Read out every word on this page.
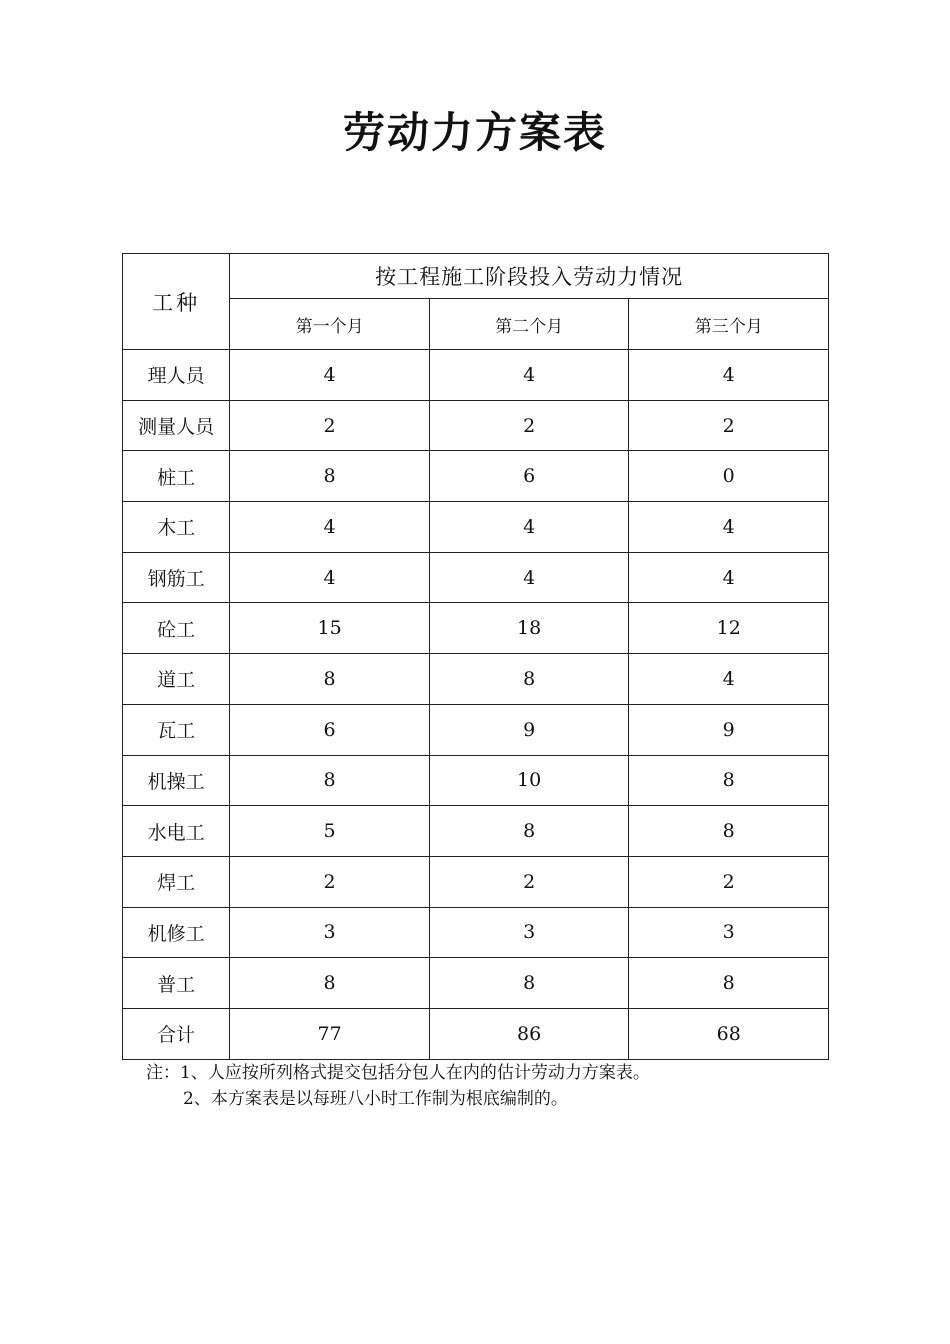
劳动力方案表
工种	按工程施工阶段投入劳动力情况		
	第一个月	第二个月	第三个月
理人员	4	4	4
测量人员	2	2	2
桩工	8	6	0
木工	4	4	4
钢筋工	4	4	4
砼工	15	18	12
道工	8	8	4
瓦工	6	9	9
机操工	8	10	8
水电工	5	8	8
焊工	2	2	2
机修工	3	3	3
普工	8	8	8
合计	77	86	68
注：1、人应按所列格式提交包括分包人在内的估计劳动力方案表。
2、本方案表是以每班八小时工作制为根底编制的。
